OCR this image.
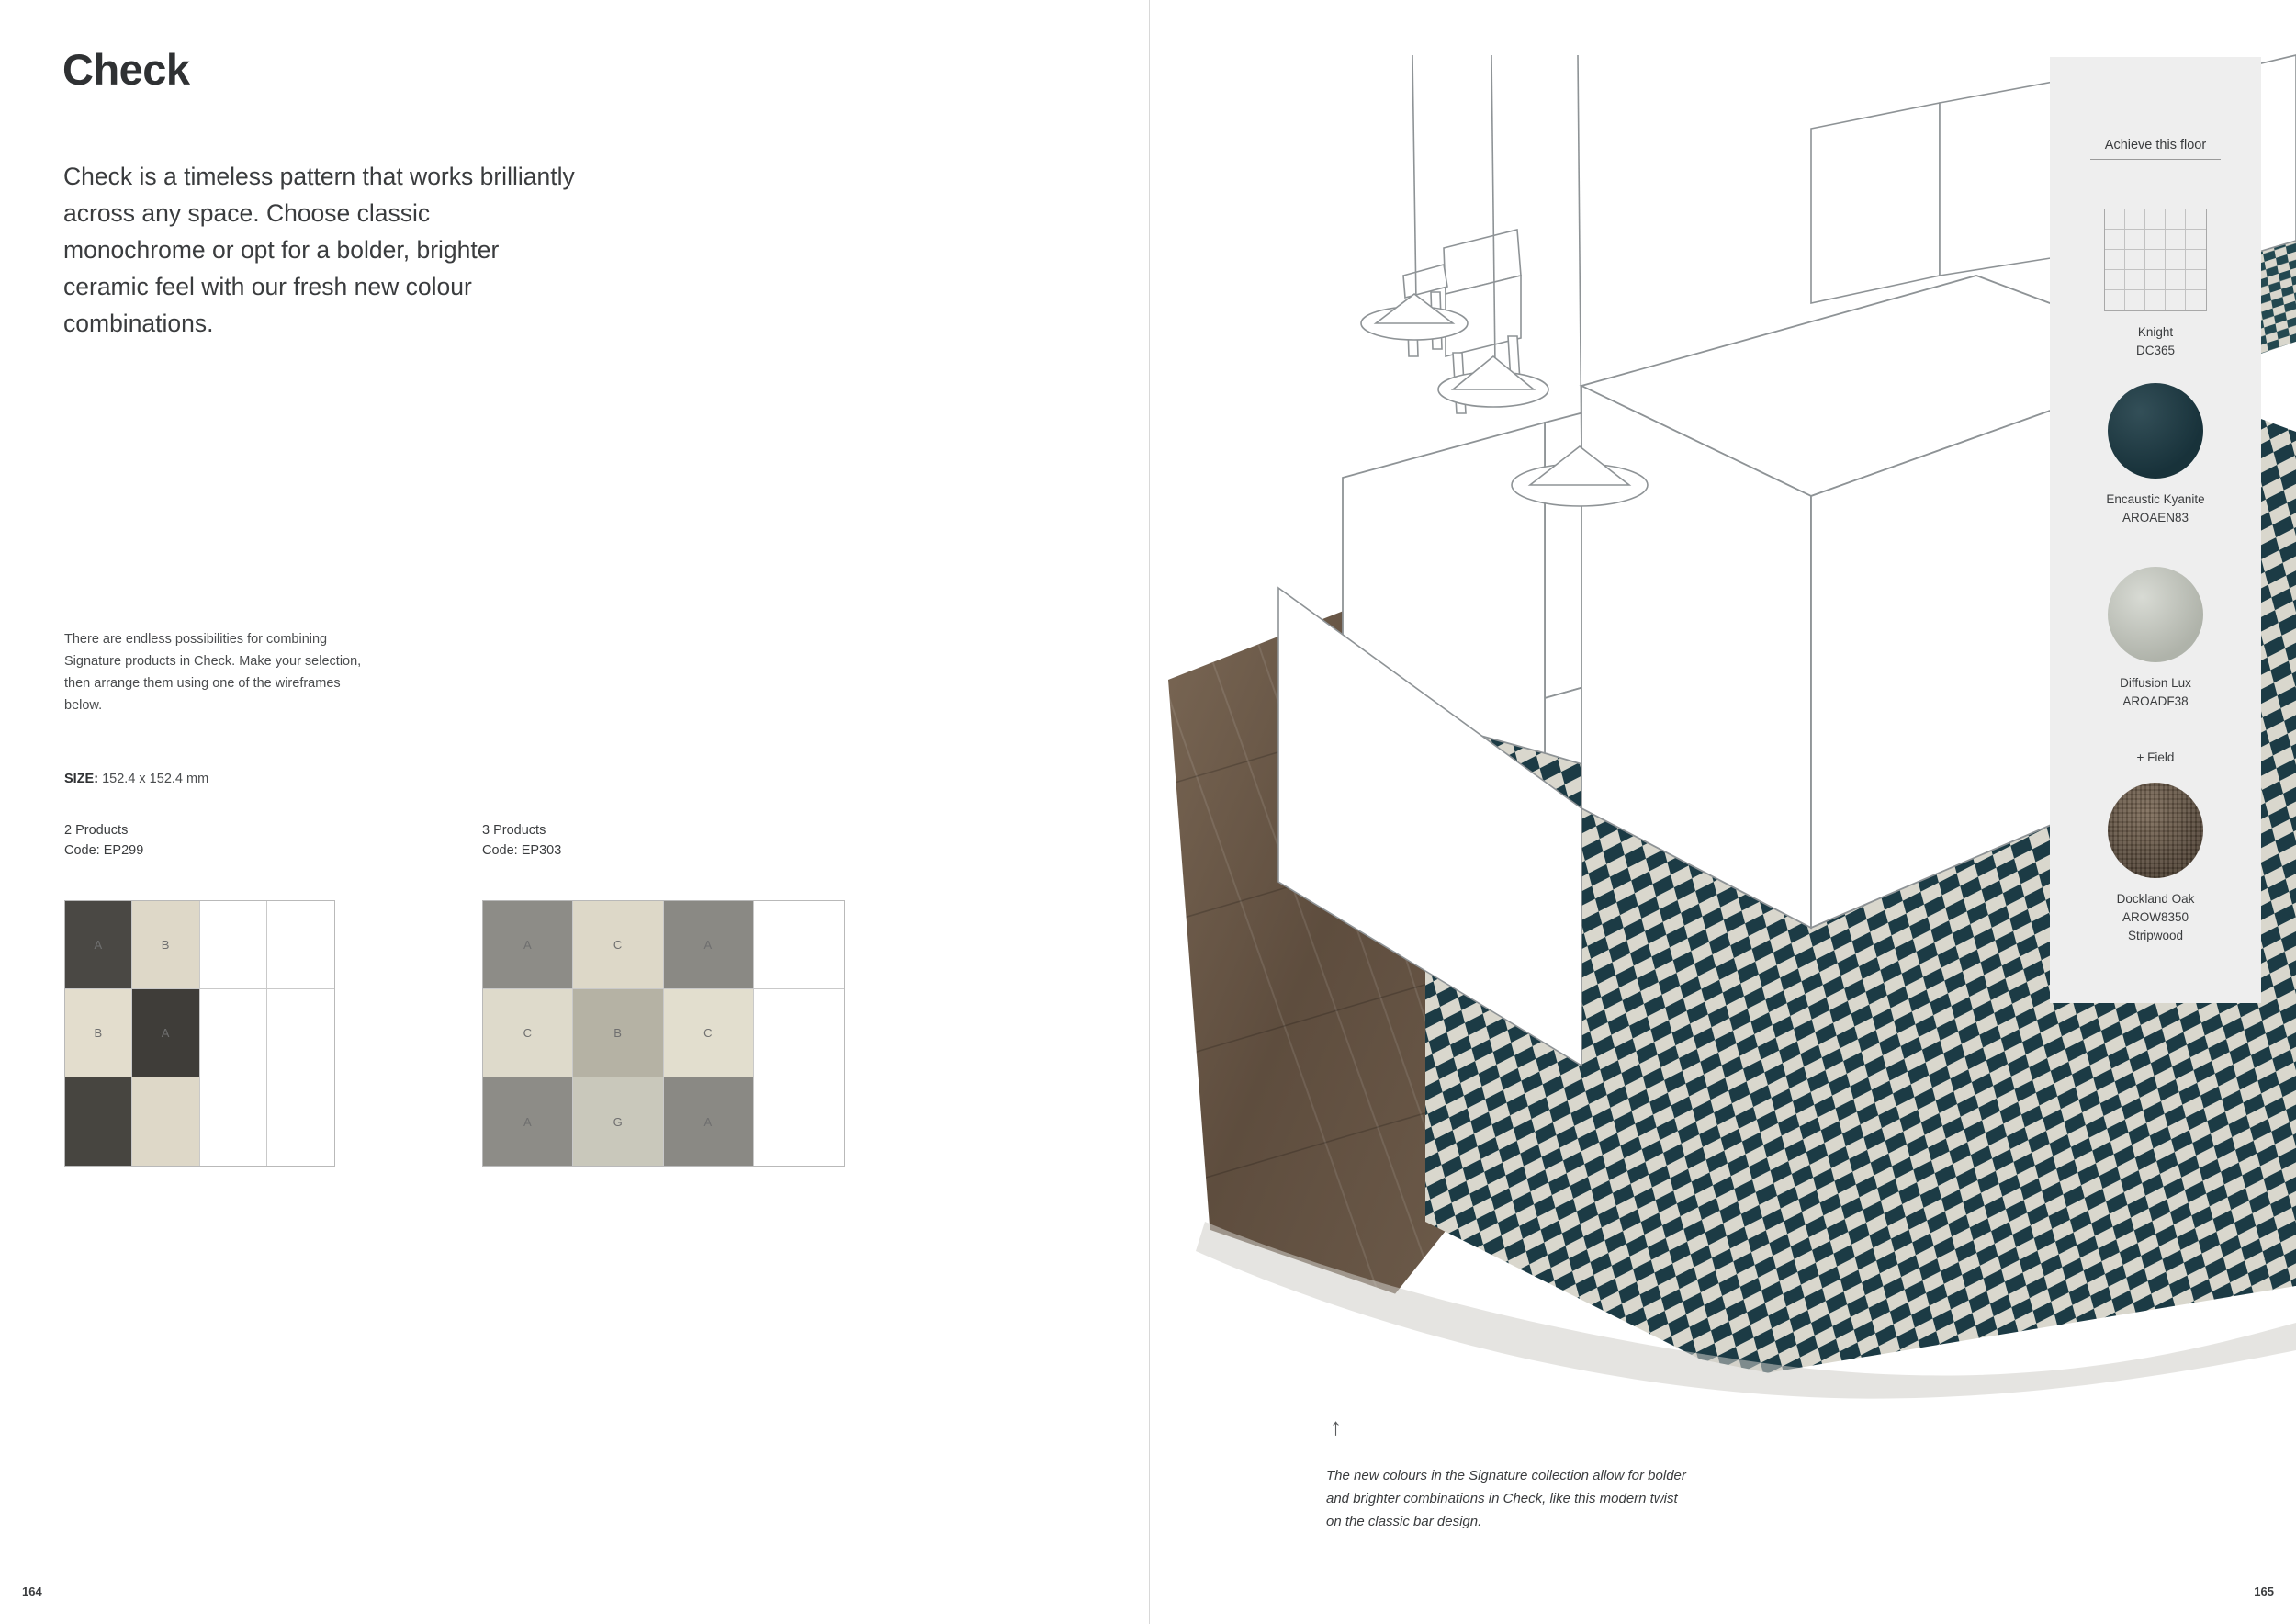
Check
Check is a timeless pattern that works brilliantly across any space. Choose classic monochrome or opt for a bolder, brighter ceramic feel with our fresh new colour combinations.
There are endless possibilities for combining Signature products in Check. Make your selection, then arrange them using one of the wireframes below.
SIZE: 152.4 x 152.4 mm
2 Products
Code: EP299
A	B
B	A
3 Products
Code: EP303
A	C	A
C	B	C
A	G	A
164
Achieve this floor
Knight
DC365
Encaustic Kyanite
AROAEN83
Diffusion Lux
AROADF38
+ Field
Dockland Oak
AROW8350
Stripwood
165
↑
The new colours in the Signature collection allow for bolder and brighter combinations in Check, like this modern twist on the classic bar design.
